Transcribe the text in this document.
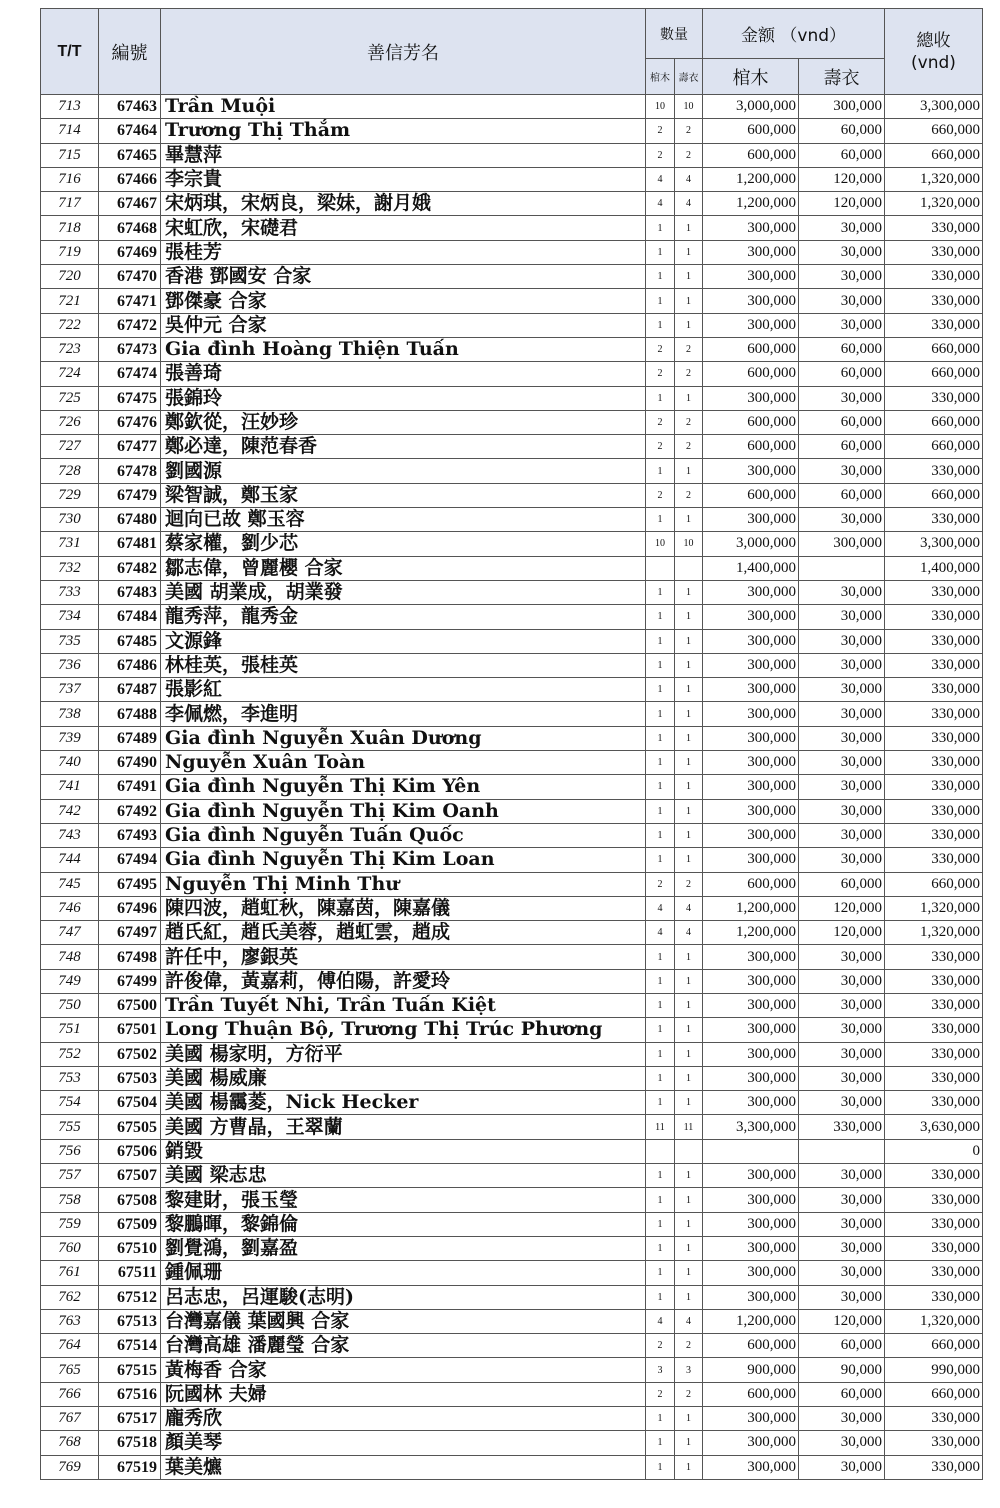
T/T	編號	善信芳名	數量		金额 （vnd）		總收
(vnd)
			棺木	壽衣	棺木	壽衣	
713	67463	Trần Muội	10	10	3,000,000	300,000	3,300,000
714	67464	Trương Thị Thắm	2	2	600,000	60,000	660,000
715	67465	畢慧萍	2	2	600,000	60,000	660,000
716	67466	李宗貴	4	4	1,200,000	120,000	1,320,000
717	67467	宋炳琪，宋炳良，梁妹，謝月娥	4	4	1,200,000	120,000	1,320,000
718	67468	宋虹欣，宋礎君	1	1	300,000	30,000	330,000
719	67469	張桂芳	1	1	300,000	30,000	330,000
720	67470	香港 鄧國安 合家	1	1	300,000	30,000	330,000
721	67471	鄧傑豪 合家	1	1	300,000	30,000	330,000
722	67472	吳仲元 合家	1	1	300,000	30,000	330,000
723	67473	Gia đình Hoàng Thiện Tuấn	2	2	600,000	60,000	660,000
724	67474	張善琦	2	2	600,000	60,000	660,000
725	67475	張錦玲	1	1	300,000	30,000	330,000
726	67476	鄭欽從，汪妙珍	2	2	600,000	60,000	660,000
727	67477	鄭必達，陳范春香	2	2	600,000	60,000	660,000
728	67478	劉國源	1	1	300,000	30,000	330,000
729	67479	梁智誠，鄭玉家	2	2	600,000	60,000	660,000
730	67480	迴向已故 鄭玉容	1	1	300,000	30,000	330,000
731	67481	蔡家權，劉少芯	10	10	3,000,000	300,000	3,300,000
732	67482	鄒志偉，曾麗櫻 合家			1,400,000		1,400,000
733	67483	美國 胡業成，胡業發	1	1	300,000	30,000	330,000
734	67484	龍秀萍，龍秀金	1	1	300,000	30,000	330,000
735	67485	文源鋒	1	1	300,000	30,000	330,000
736	67486	林桂英，張桂英	1	1	300,000	30,000	330,000
737	67487	張影紅	1	1	300,000	30,000	330,000
738	67488	李佩燃，李進明	1	1	300,000	30,000	330,000
739	67489	Gia đình Nguyễn Xuân Dương	1	1	300,000	30,000	330,000
740	67490	Nguyễn Xuân Toàn	1	1	300,000	30,000	330,000
741	67491	Gia đình Nguyễn Thị Kim Yên	1	1	300,000	30,000	330,000
742	67492	Gia đình Nguyễn Thị Kim Oanh	1	1	300,000	30,000	330,000
743	67493	Gia đình Nguyễn Tuấn Quốc	1	1	300,000	30,000	330,000
744	67494	Gia đình Nguyễn Thị Kim Loan	1	1	300,000	30,000	330,000
745	67495	Nguyễn Thị Minh Thư	2	2	600,000	60,000	660,000
746	67496	陳四波，趙虹秋，陳嘉茵，陳嘉儀	4	4	1,200,000	120,000	1,320,000
747	67497	趙氏紅，趙氏美蓉，趙虹雲，趙成	4	4	1,200,000	120,000	1,320,000
748	67498	許任中，廖銀英	1	1	300,000	30,000	330,000
749	67499	許俊偉，黃嘉莉，傅伯陽，許愛玲	1	1	300,000	30,000	330,000
750	67500	Trần Tuyết Nhi, Trần Tuấn Kiệt	1	1	300,000	30,000	330,000
751	67501	Long Thuận Bộ, Trương Thị Trúc Phương	1	1	300,000	30,000	330,000
752	67502	美國 楊家明，方衍平	1	1	300,000	30,000	330,000
753	67503	美國 楊威廉	1	1	300,000	30,000	330,000
754	67504	美國 楊靄菱，Nick Hecker	1	1	300,000	30,000	330,000
755	67505	美國 方曹晶，王翠蘭	11	11	3,300,000	330,000	3,630,000
756	67506	銷毀					0
757	67507	美國 梁志忠	1	1	300,000	30,000	330,000
758	67508	黎建財，張玉瑩	1	1	300,000	30,000	330,000
759	67509	黎鵬暉，黎錦倫	1	1	300,000	30,000	330,000
760	67510	劉覺鴻，劉嘉盈	1	1	300,000	30,000	330,000
761	67511	鍾佩珊	1	1	300,000	30,000	330,000
762	67512	呂志忠，呂運駿(志明)	1	1	300,000	30,000	330,000
763	67513	台灣嘉儀 葉國興 合家	4	4	1,200,000	120,000	1,320,000
764	67514	台灣高雄 潘麗瑩 合家	2	2	600,000	60,000	660,000
765	67515	黃梅香 合家	3	3	900,000	90,000	990,000
766	67516	阮國林 夫婦	2	2	600,000	60,000	660,000
767	67517	龐秀欣	1	1	300,000	30,000	330,000
768	67518	顏美琴	1	1	300,000	30,000	330,000
769	67519	葉美爊	1	1	300,000	30,000	330,000
